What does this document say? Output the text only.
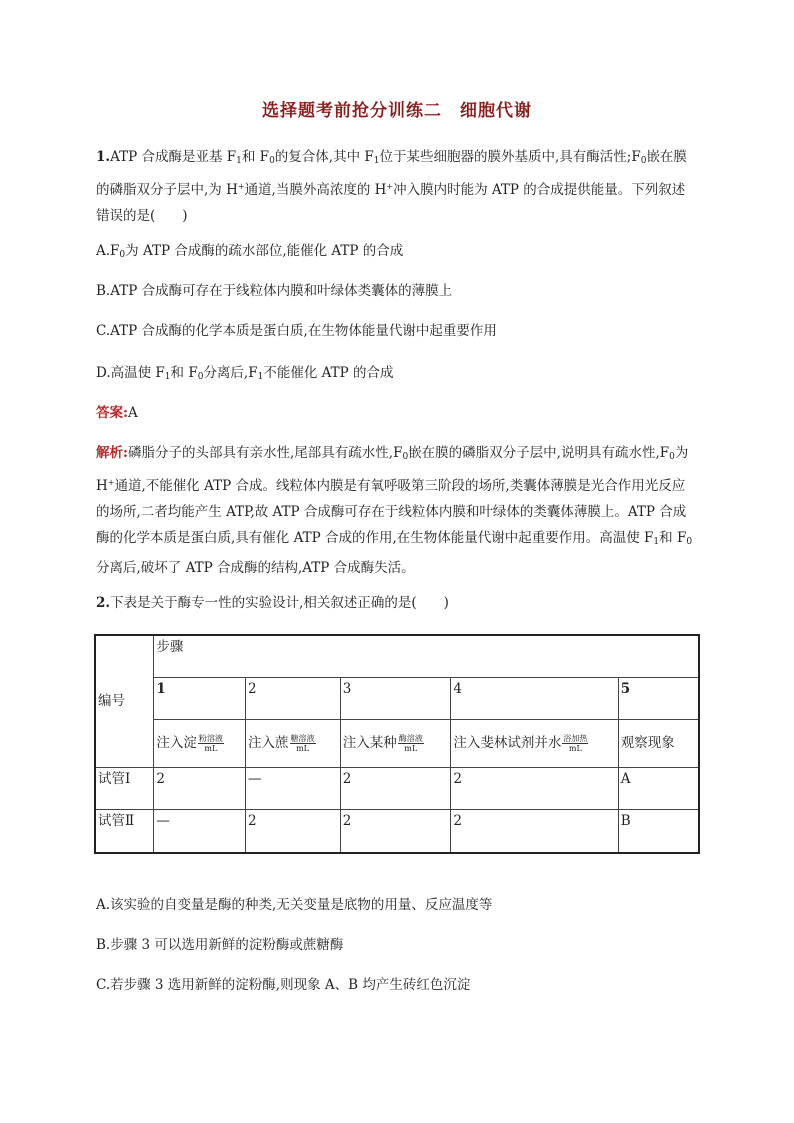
选择题考前抢分训练二　细胞代谢
1.ATP 合成酶是亚基 $F_1$和 $F_0$的复合体,其中 $F_1$位于某些细胞器的膜外基质中,具有酶活性$;F_0$嵌在膜的磷脂双分子层中,为 H+通道,当膜外高浓度的 H+冲入膜内时能为 ATP 的合成提供能量。下列叙述错误的是(　　)
$A.F_0$为 ATP 合成酶的疏水部位,能催化 ATP 的合成
B.ATP 合成酶可存在于线粒体内膜和叶绿体类囊体的薄膜上
C.ATP 合成酶的化学本质是蛋白质,在生物体能量代谢中起重要作用
D.高温使 $F_1$和 $F_0$分离后$,F_1$不能催化 ATP 的合成
答案:A
解析:磷脂分子的头部具有亲水性,尾部具有疏水性$,F_0$嵌在膜的磷脂双分子层中,说明具有疏水性$,F_0$为 H+通道,不能催化 ATP 合成。线粒体内膜是有氧呼吸第三阶段的场所,类囊体薄膜是光合作用光反应的场所,二者均能产生 ATP,故 ATP 合成酶可存在于线粒体内膜和叶绿体的类囊体薄膜上。ATP 合成酶的化学本质是蛋白质,具有催化 ATP 合成的作用,在生物体能量代谢中起重要作用。高温使 $F_1$和 $F_0$分离后,破坏了 ATP 合成酶的结构,ATP 合成酶失活。
2.下表是关于酶专一性的实验设计,相关叙述正确的是(　　)
编号	步骤				
	1	2	3	4	5
	注入淀 $\frac{\text{粉溶液}}{mL}$	注入蔗 $\frac{\text{糖溶液}}{mL}$	注入某种 $\frac{\text{酶溶液}}{mL}$	注入斐林试剂并水 $\frac{\text{浴加热}}{mL}$	观察现象
试管Ⅰ	2	—	2	2	A
试管Ⅱ	—	2	2	2	B
A.该实验的自变量是酶的种类,无关变量是底物的用量、反应温度等
B.步骤 3 可以选用新鲜的淀粉酶或蔗糖酶
C.若步骤 3 选用新鲜的淀粉酶,则现象 A、B 均产生砖红色沉淀
